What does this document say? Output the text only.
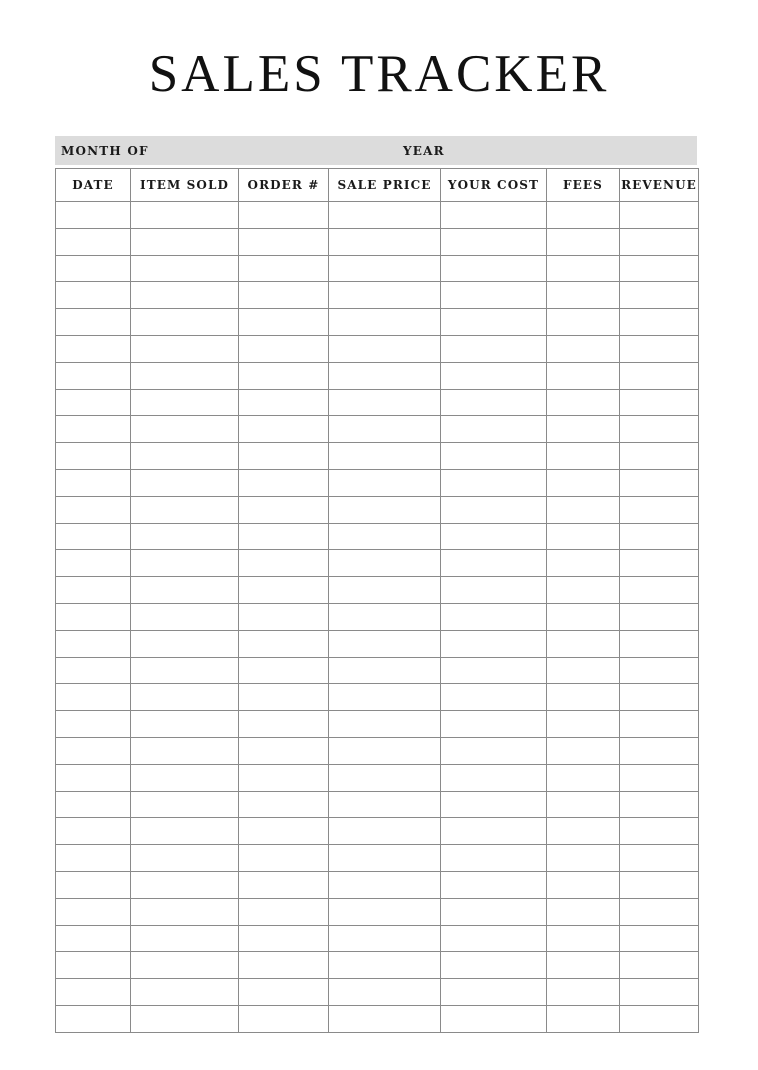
SALES TRACKER
MONTH OF	YEAR
DATE	ITEM SOLD	ORDER #	SALE PRICE	YOUR COST	FEES	REVENUE
